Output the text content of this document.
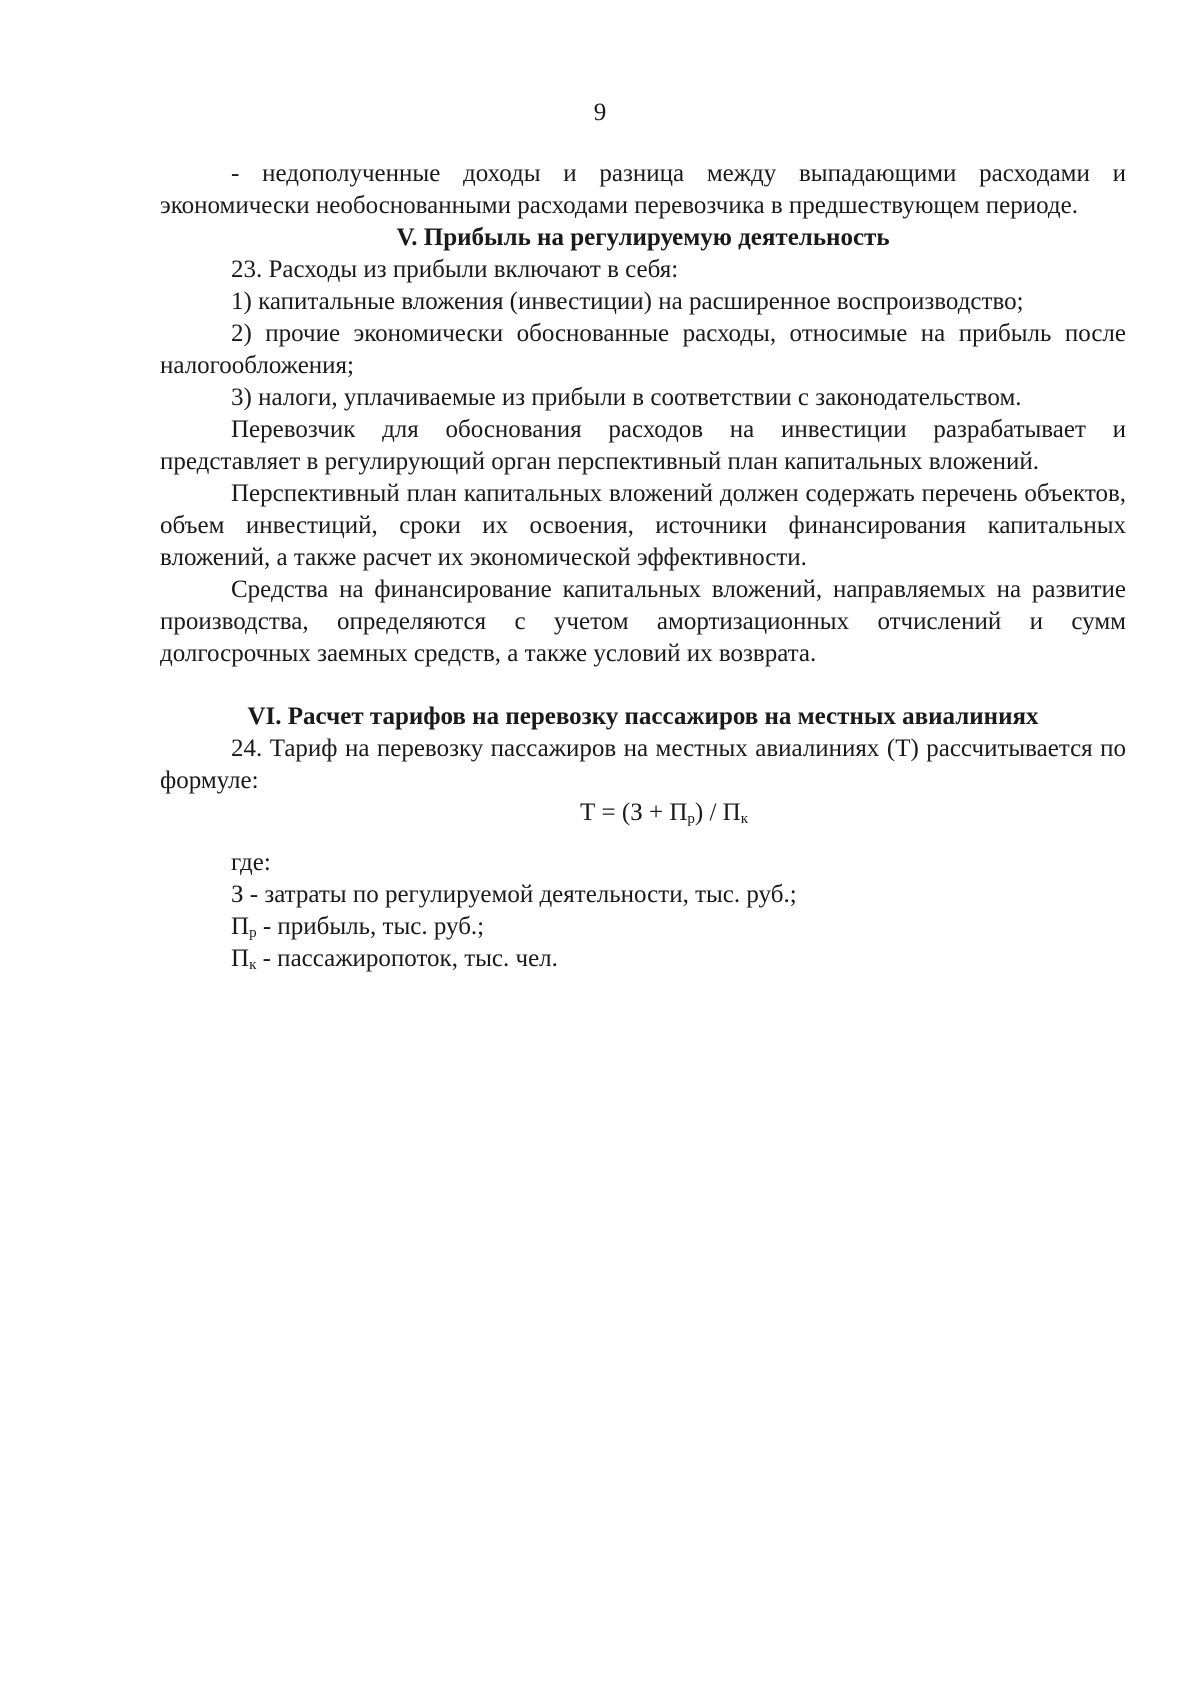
9

- недополученные доходы и разница между выпадающими расходами и экономически необоснованными расходами перевозчика в предшествующем периоде.

V. Прибыль на регулируемую деятельность

23. Расходы из прибыли включают в себя:

1) капитальные вложения (инвестиции) на расширенное воспроизводство;

2) прочие экономически обоснованные расходы, относимые на прибыль после налогообложения;

3) налоги, уплачиваемые из прибыли в соответствии с законодательством.

Перевозчик для обоснования расходов на инвестиции разрабатывает и представляет в регулирующий орган перспективный план капитальных вложений.

Перспективный план капитальных вложений должен содержать перечень объектов, объем инвестиций, сроки их освоения, источники финансирования капитальных вложений, а также расчет их экономической эффективности.

Средства на финансирование капитальных вложений, направляемых на развитие производства, определяются с учетом амортизационных отчислений и сумм долгосрочных заемных средств, а также условий их возврата.

VI. Расчет тарифов на перевозку пассажиров на местных авиалиниях

24. Тариф на перевозку пассажиров на местных авиалиниях (Т) рассчитывается по формуле:

$Т = (З + П_р) / П_к$

где:

З - затраты по регулируемой деятельности, тыс. руб.;

$П_р$ - прибыль, тыс. руб.;

$П_к$ - пассажиропоток, тыс. чел.
